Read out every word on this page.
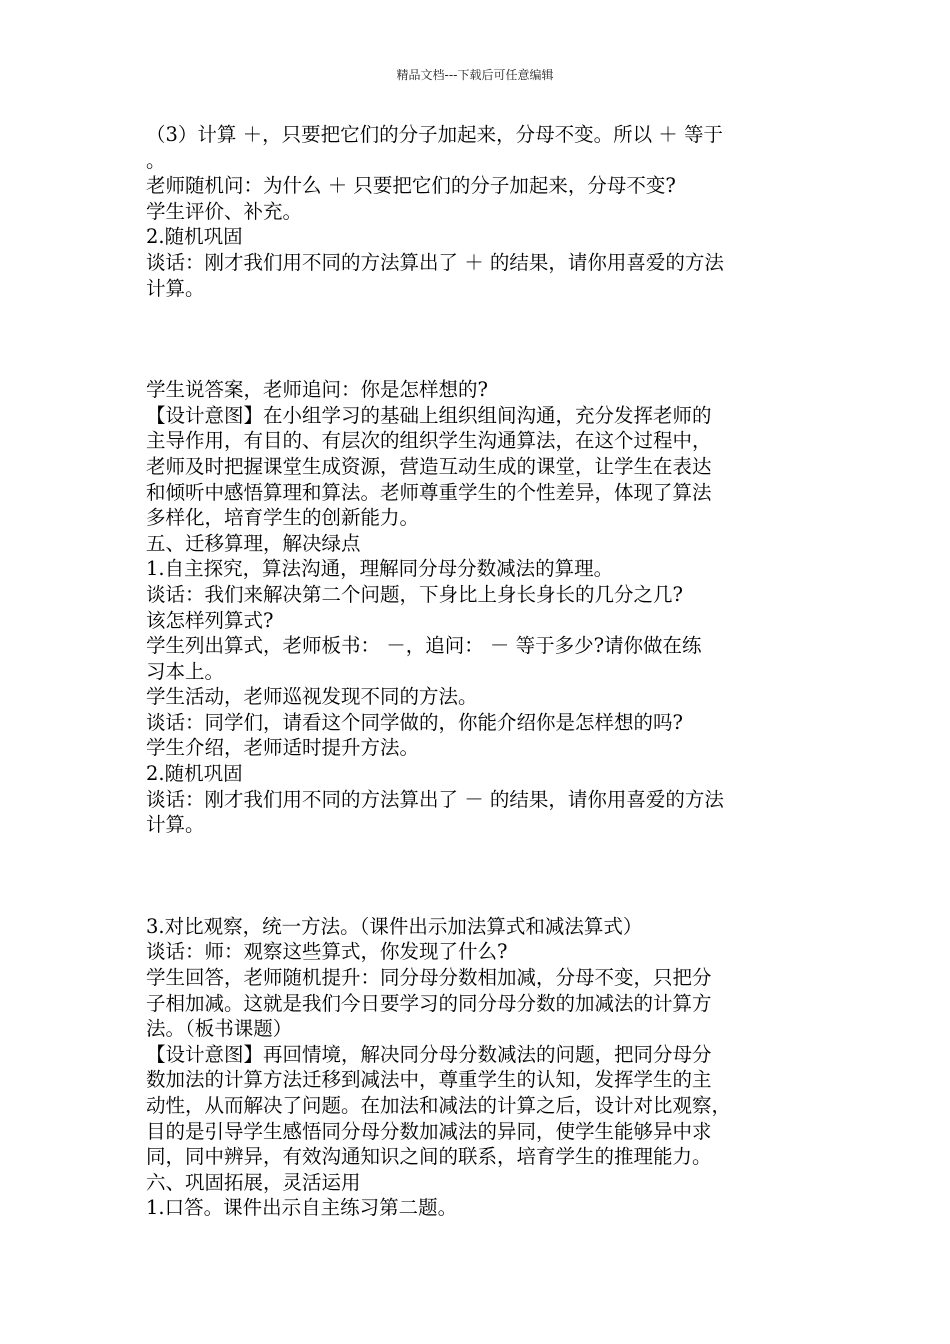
精品文档---下载后可任意编辑

（3）计算 ＋，只要把它们的分子加起来，分母不变。所以 ＋ 等于

。

老师随机问：为什么 ＋ 只要把它们的分子加起来，分母不变?

学生评价、补充。

2.随机巩固

谈话：刚才我们用不同的方法算出了 ＋ 的结果，请你用喜爱的方法

计算。

学生说答案，老师追问：你是怎样想的?

【设计意图】在小组学习的基础上组织组间沟通，充分发挥老师的

主导作用，有目的、有层次的组织学生沟通算法，在这个过程中，

老师及时把握课堂生成资源，营造互动生成的课堂，让学生在表达

和倾听中感悟算理和算法。老师尊重学生的个性差异，体现了算法

多样化，培育学生的创新能力。

五、迁移算理，解决绿点

1.自主探究，算法沟通，理解同分母分数减法的算理。

谈话：我们来解决第二个问题，下身比上身长身长的几分之几?

该怎样列算式?

学生列出算式，老师板书： －，追问： － 等于多少?请你做在练

习本上。

学生活动，老师巡视发现不同的方法。

谈话：同学们，请看这个同学做的，你能介绍你是怎样想的吗?

学生介绍，老师适时提升方法。

2.随机巩固

谈话：刚才我们用不同的方法算出了 － 的结果，请你用喜爱的方法

计算。

3.对比观察，统一方法。（课件出示加法算式和减法算式）

谈话：师：观察这些算式，你发现了什么?

学生回答，老师随机提升：同分母分数相加减，分母不变，只把分

子相加减。这就是我们今日要学习的同分母分数的加减法的计算方

法。（板书课题）

【设计意图】再回情境，解决同分母分数减法的问题，把同分母分

数加法的计算方法迁移到减法中，尊重学生的认知，发挥学生的主

动性，从而解决了问题。在加法和减法的计算之后，设计对比观察，

目的是引导学生感悟同分母分数加减法的异同，使学生能够异中求

同，同中辨异，有效沟通知识之间的联系，培育学生的推理能力。

六、巩固拓展，灵活运用

1.口答。课件出示自主练习第二题。
